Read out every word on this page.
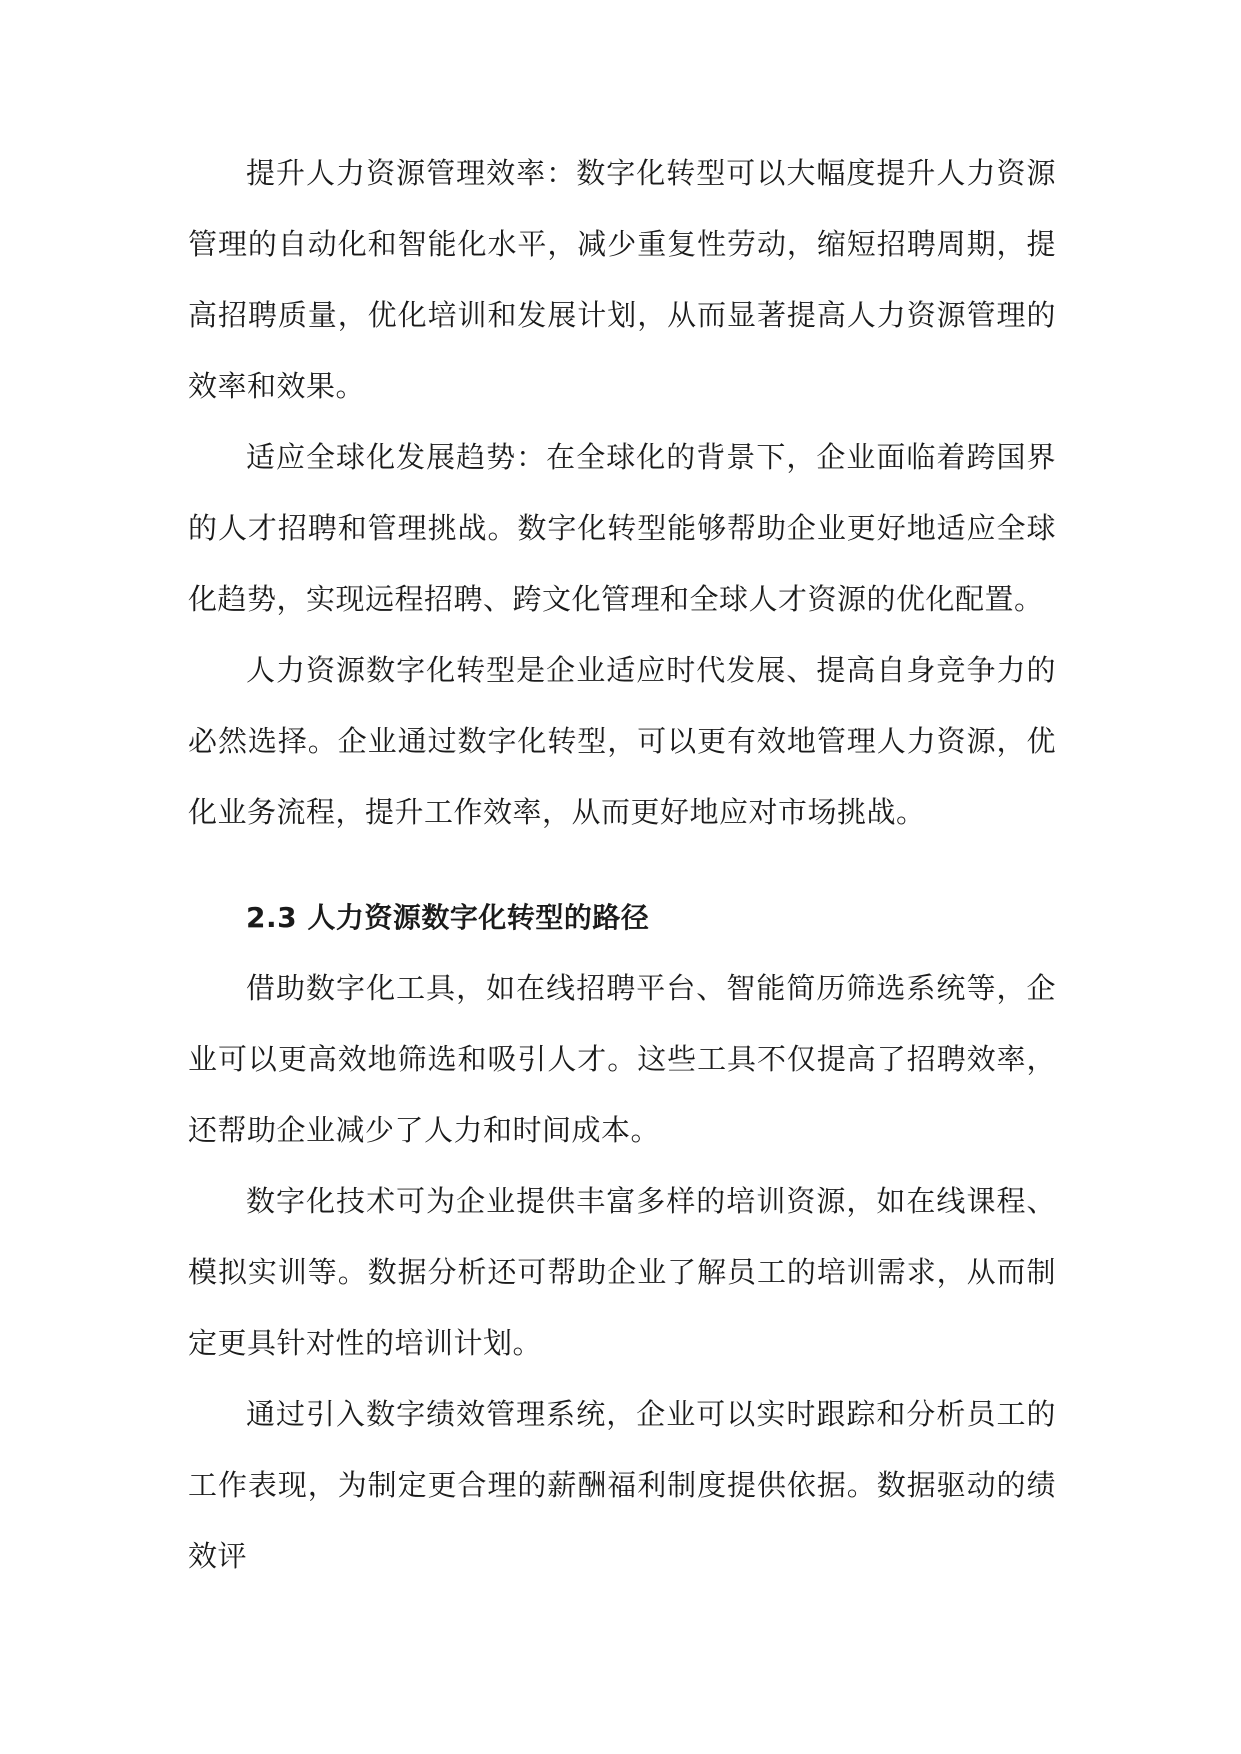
提升人力资源管理效率：数字化转型可以大幅度提升人力资源管理的自动化和智能化水平，减少重复性劳动，缩短招聘周期，提高招聘质量，优化培训和发展计划，从而显著提高人力资源管理的效率和效果。

适应全球化发展趋势：在全球化的背景下，企业面临着跨国界的人才招聘和管理挑战。数字化转型能够帮助企业更好地适应全球化趋势，实现远程招聘、跨文化管理和全球人才资源的优化配置。

人力资源数字化转型是企业适应时代发展、提高自身竞争力的必然选择。企业通过数字化转型，可以更有效地管理人力资源，优化业务流程，提升工作效率，从而更好地应对市场挑战。

2.3 人力资源数字化转型的路径

借助数字化工具，如在线招聘平台、智能简历筛选系统等，企业可以更高效地筛选和吸引人才。这些工具不仅提高了招聘效率，还帮助企业减少了人力和时间成本。

数字化技术可为企业提供丰富多样的培训资源，如在线课程、模拟实训等。数据分析还可帮助企业了解员工的培训需求，从而制定更具针对性的培训计划。

通过引入数字绩效管理系统，企业可以实时跟踪和分析员工的工作表现，为制定更合理的薪酬福利制度提供依据。数据驱动的绩效评
